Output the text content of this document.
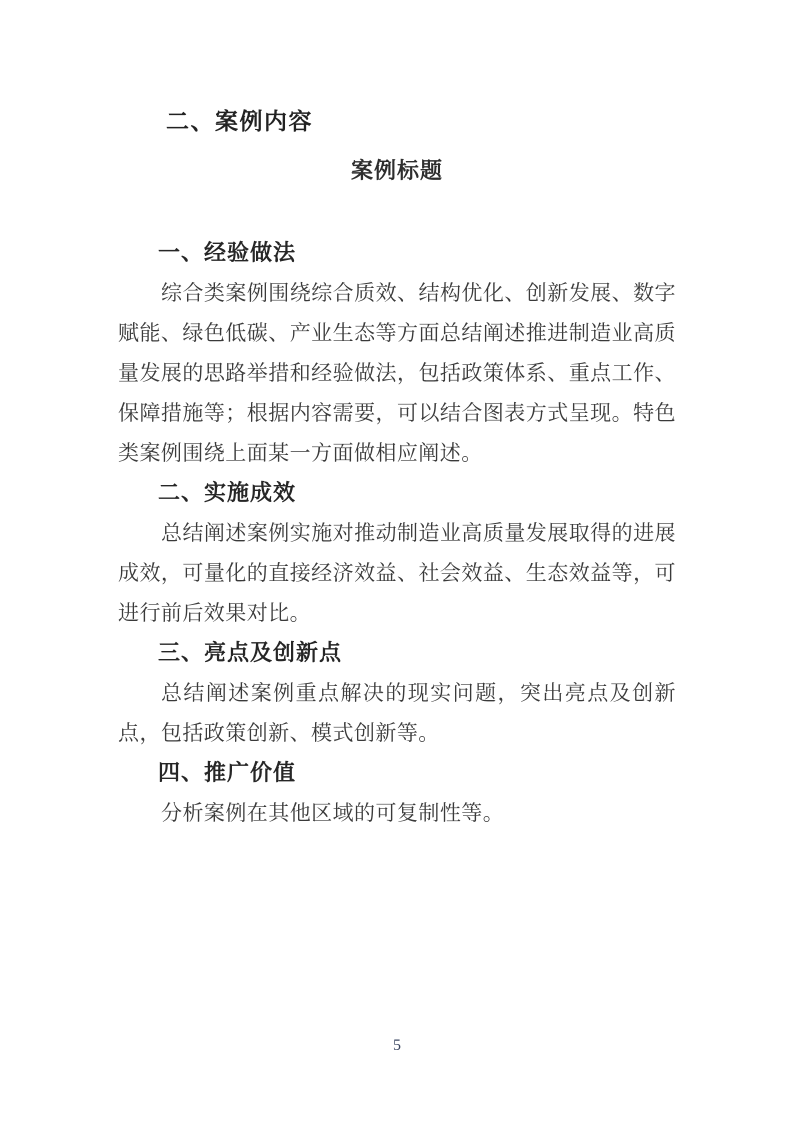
二、案例内容
案例标题
一、经验做法

综合类案例围绕综合质效、结构优化、创新发展、数字赋能、绿色低碳、产业生态等方面总结阐述推进制造业高质量发展的思路举措和经验做法，包括政策体系、重点工作、保障措施等；根据内容需要，可以结合图表方式呈现。特色类案例围绕上面某一方面做相应阐述。

二、实施成效

总结阐述案例实施对推动制造业高质量发展取得的进展成效，可量化的直接经济效益、社会效益、生态效益等，可进行前后效果对比。

三、亮点及创新点

总结阐述案例重点解决的现实问题，突出亮点及创新点，包括政策创新、模式创新等。

四、推广价值

分析案例在其他区域的可复制性等。

5
